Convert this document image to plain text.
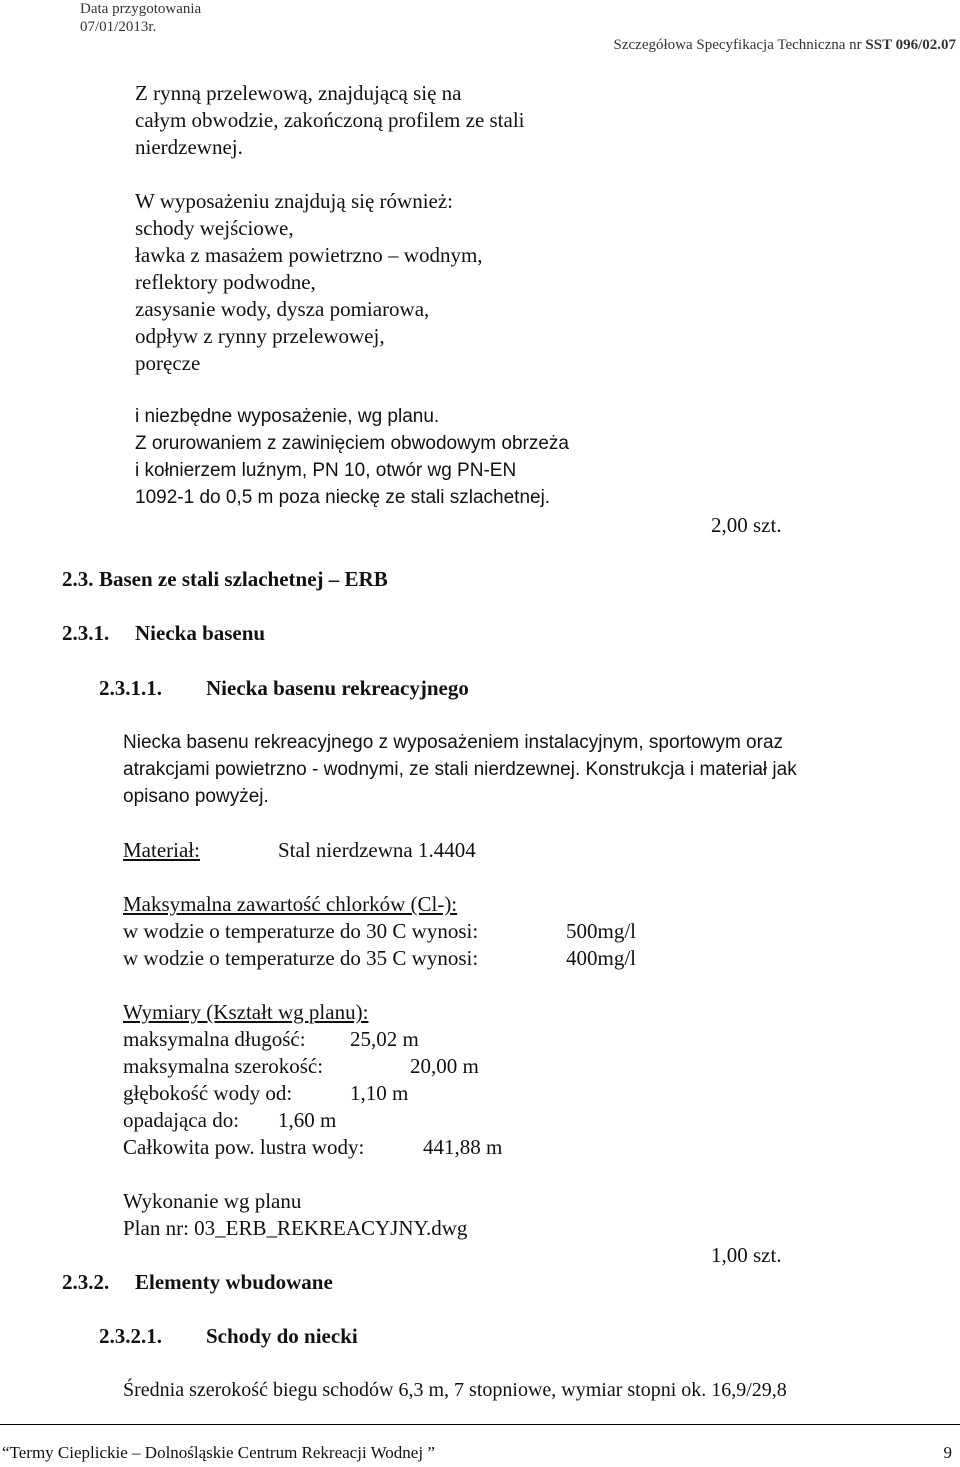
Data przygotowania
07/01/2013r.
Szczegółowa Specyfikacja Techniczna nr SST 096/02.07
Z rynną przelewową, znajdującą się na
całym obwodzie, zakończoną profilem ze stali
nierdzewnej.
W wyposażeniu znajdują się również:
schody wejściowe,
ławka z masażem powietrzno – wodnym,
reflektory podwodne,
zasysanie wody, dysza pomiarowa,
odpływ z rynny przelewowej,
poręcze
i niezbędne wyposażenie, wg planu.
Z orurowaniem z zawinięciem obwodowym obrzeża
i kołnierzem luźnym, PN 10, otwór wg PN-EN
1092-1 do 0,5 m poza nieckę ze stali szlachetnej.
2,00 szt.
2.3. Basen ze stali szlachetnej – ERB
2.3.1. Niecka basenu
2.3.1.1. Niecka basenu rekreacyjnego
Niecka basenu rekreacyjnego z wyposażeniem instalacyjnym, sportowym oraz
atrakcjami powietrzno - wodnymi, ze stali nierdzewnej. Konstrukcja i materiał jak
opisano powyżej.
Materiał:	Stal nierdzewna 1.4404
Maksymalna zawartość chlorków (Cl-):
w wodzie o temperaturze do 30 C wynosi:	500mg/l
w wodzie o temperaturze do 35 C wynosi:	400mg/l
Wymiary (Kształt wg planu):
maksymalna długość: 25,02 m
maksymalna szerokość:	20,00 m
głębokość wody od:	1,10 m
opadająca do: 1,60 m
Całkowita pow. lustra wody:	441,88 m
Wykonanie wg planu
Plan nr: 03_ERB_REKREACYJNY.dwg
1,00 szt.
2.3.2. Elementy wbudowane
2.3.2.1. Schody do niecki
Średnia szerokość biegu schodów 6,3 m, 7 stopniowe, wymiar stopni ok. 16,9/29,8
“Termy Cieplickie – Dolnośląskie Centrum Rekreacji Wodnej ”	9
